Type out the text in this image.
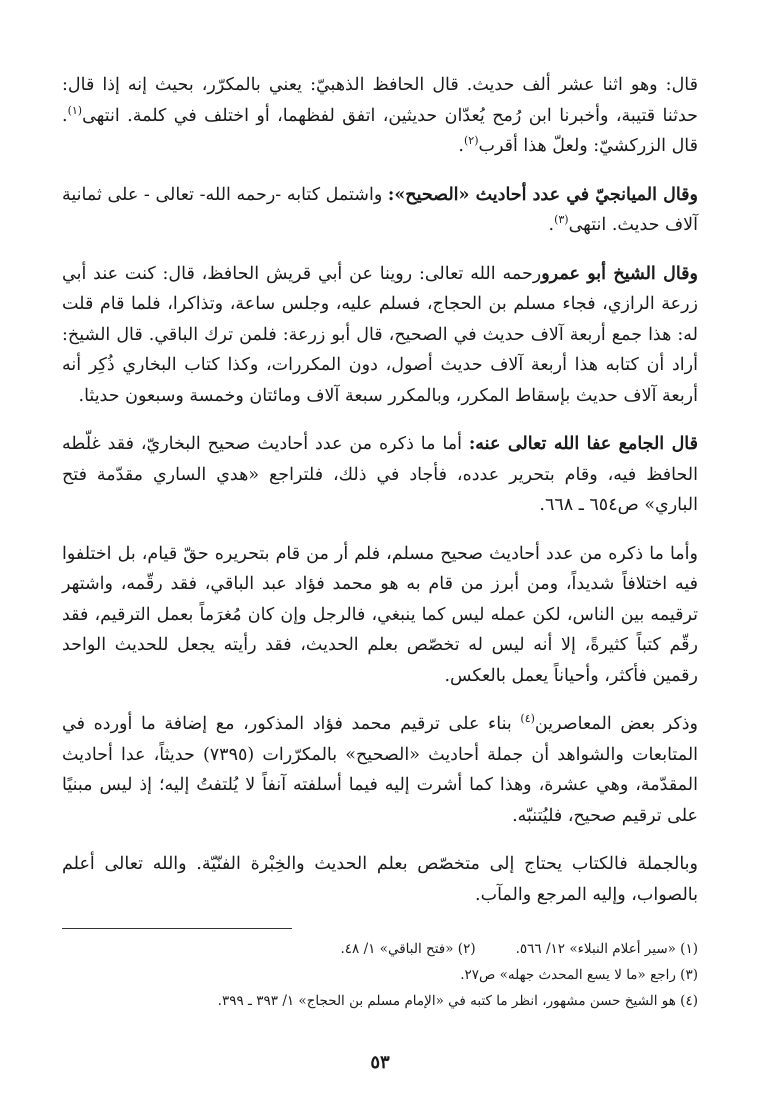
قال: وهو اثنا عشر ألف حديث. قال الحافظ الذهبيّ: يعني بالمكرّر، بحيث إنه إذا قال: حدثنا قتيبة، وأخبرنا ابن رُمح يُعدّان حديثين، اتفق لفظهما، أو اختلف في كلمة. انتهى$^{(١)}$. قال الزركشيّ: ولعلّ هذا أقرب$^{(٢)}$.

وقال الميانجيّ في عدد أحاديث «الصحيح»: واشتمل كتابه -رحمه الله- تعالى - على ثمانية آلاف حديث. انتهى$^{(٣)}$.

وقال الشيخ أبو عمرورحمه الله تعالى: روينا عن أبي قريش الحافظ، قال: كنت عند أبي زرعة الرازي، فجاء مسلم بن الحجاج، فسلم عليه، وجلس ساعة، وتذاكرا، فلما قام قلت له: هذا جمع أربعة آلاف حديث في الصحيح، قال أبو زرعة: فلمن ترك الباقي. قال الشيخ: أراد أن كتابه هذا أربعة آلاف حديث أصول، دون المكررات، وكذا كتاب البخاري ذُكِر أنه أربعة آلاف حديث بإسقاط المكرر، وبالمكرر سبعة آلاف ومائتان وخمسة وسبعون حديثا.

قال الجامع عفا الله تعالى عنه: أما ما ذكره من عدد أحاديث صحيح البخاريّ، فقد غلّطه الحافظ فيه، وقام بتحرير عدده، فأجاد في ذلك، فلتراجع «هدي الساري مقدّمة فتح الباري» ص٦٥٤ ـ ٦٦٨.

وأما ما ذكره من عدد أحاديث صحيح مسلم، فلم أر من قام بتحريره حقّ قيام، بل اختلفوا فيه اختلافاً شديداً، ومن أبرز من قام به هو محمد فؤاد عبد الباقي، فقد رقّمه، واشتهر ترقيمه بين الناس، لكن عمله ليس كما ينبغي، فالرجل وإن كان مُغرَماً بعمل الترقيم، فقد رقّم كتباً كثيرةً، إلا أنه ليس له تخصّص بعلم الحديث، فقد رأيته يجعل للحديث الواحد رقمين فأكثر، وأحياناً يعمل بالعكس.

وذكر بعض المعاصرين$^{(٤)}$ بناء على ترقيم محمد فؤاد المذكور، مع إضافة ما أورده في المتابعات والشواهد أن جملة أحاديث «الصحيح» بالمكرّرات (٧٣٩٥) حديثاً، عدا أحاديث المقدّمة، وهي عشرة، وهذا كما أشرت إليه فيما أسلفته آنفاً لا يُلتفتُ إليه؛ إذ ليس مبنيًا على ترقيم صحيح، فليُتنبّه.

وبالجملة فالكتاب يحتاج إلى متخصّص بعلم الحديث والخِبْرة الفنّيّة. والله تعالى أعلم بالصواب، وإليه المرجع والمآب.

(١) «سير أعلام النبلاء» ١٢/ ٥٦٦.
(٢) «فتح الباقي» ١/ ٤٨.
(٣) راجع «ما لا يسع المحدث جهله» ص٢٧.
(٤) هو الشيخ حسن مشهور، انظر ما كتبه في «الإمام مسلم بن الحجاج» ١/ ٣٩٣ ـ ٣٩٩.
٥٣
